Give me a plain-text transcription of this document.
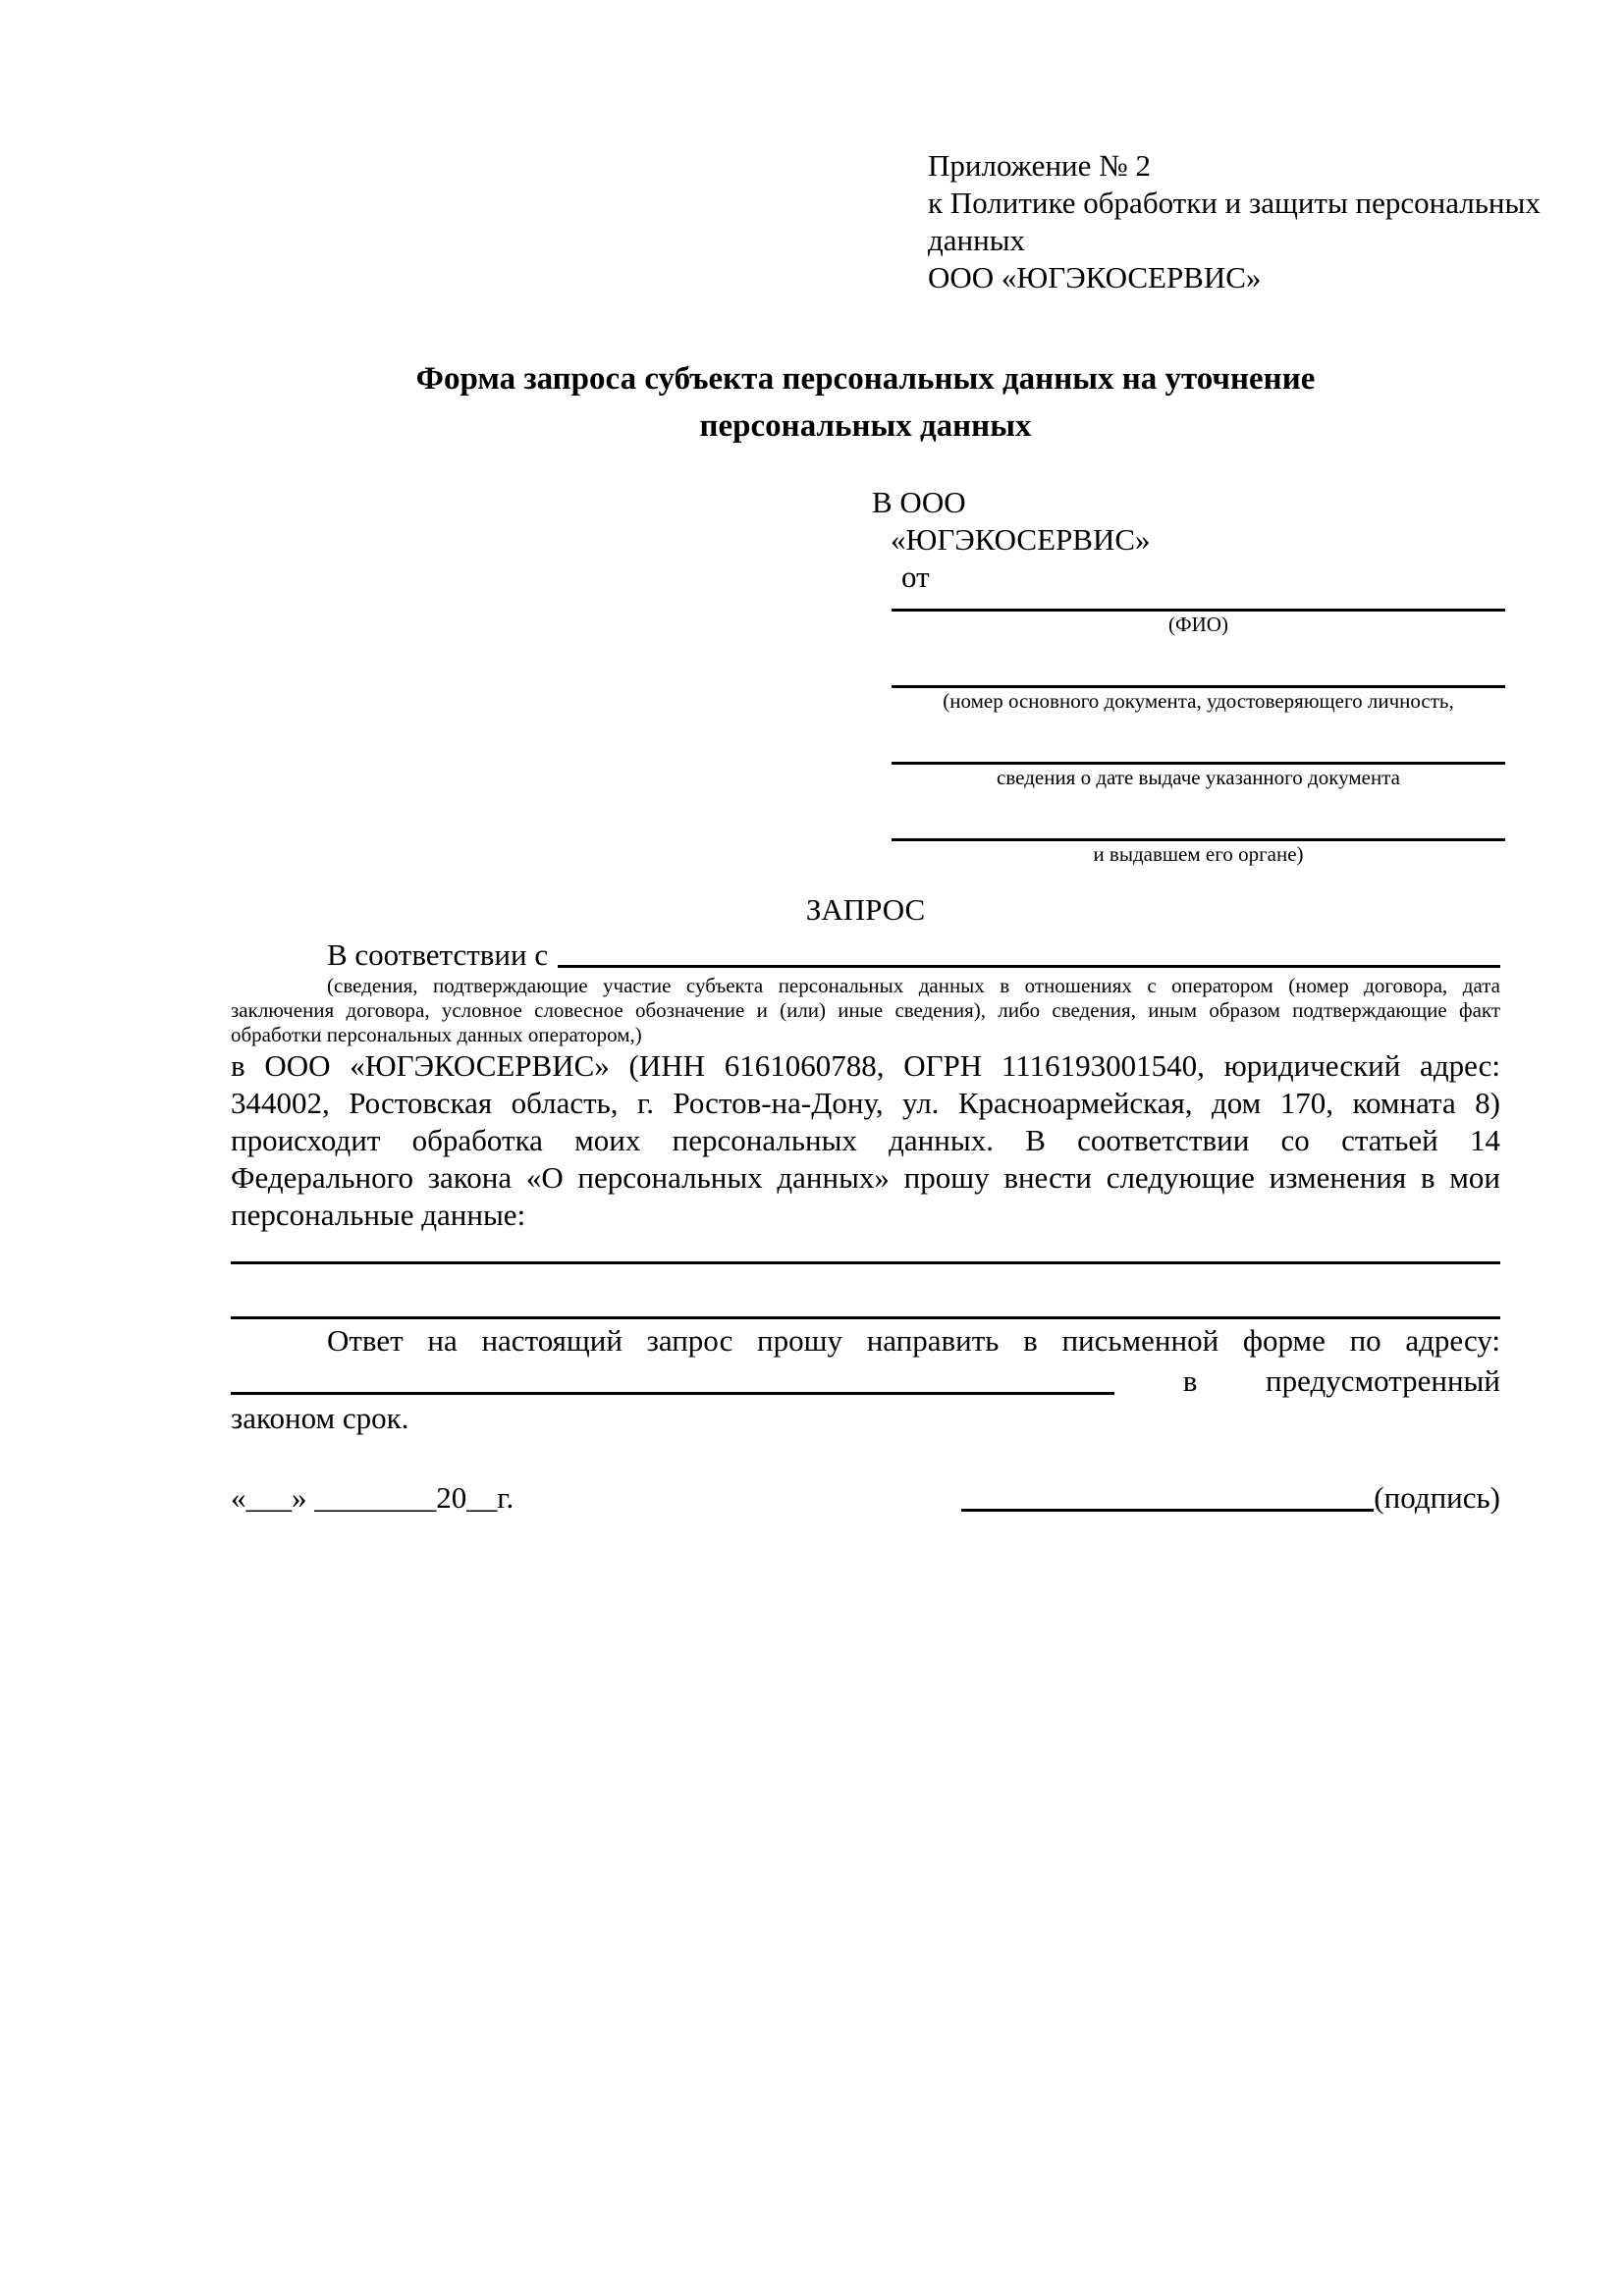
Приложение № 2
к Политике обработки и защиты персональных
данных
ООО «ЮГЭКОСЕРВИС»
Форма запроса субъекта персональных данных на уточнение
персональных данных
В ООО
«ЮГЭКОСЕРВИС»
от
(ФИО)
(номер основного документа, удостоверяющего личность,
сведения о дате выдаче указанного документа
и выдавшем его органе)
ЗАПРОС
В соответствии с
(сведения, подтверждающие участие субъекта персональных данных в отношениях с оператором (номер договора, дата
заключения договора, условное словесное обозначение и (или) иные сведения), либо сведения, иным образом подтверждающие факт
обработки персональных данных оператором,)
в ООО «ЮГЭКОСЕРВИС» (ИНН 6161060788, ОГРН 1116193001540, юридический адрес:
344002, Ростовская область, г. Ростов-на-Дону, ул. Красноармейская, дом 170, комната 8)
происходит обработка моих персональных данных. В соответствии со статьей 14
Федерального закона «О персональных данных» прошу внести следующие изменения в мои
персональные данные:
Ответ на настоящий запрос прошу направить в письменной форме по адресу:
в предусмотренный
законом срок.
«___» ________20__г.	(подпись)
